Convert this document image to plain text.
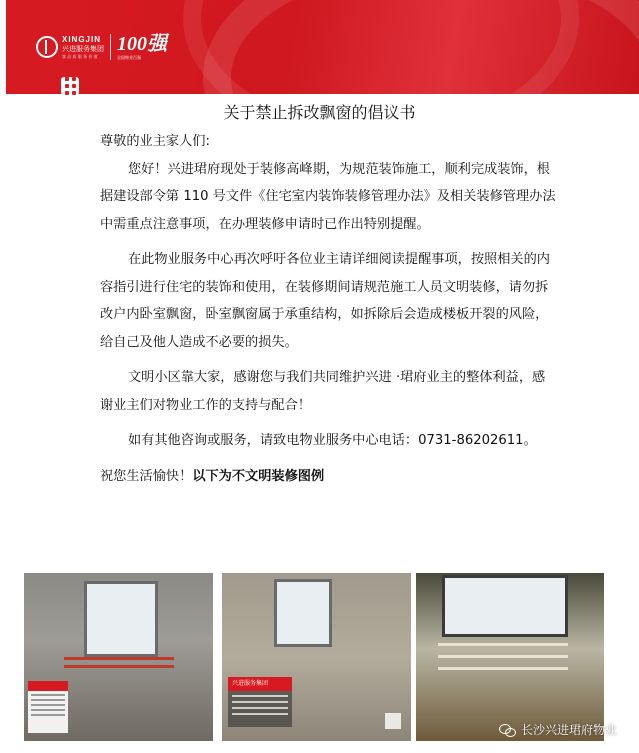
XINGJIN
兴进服务集团
客 品 质 服 务 价 值
100强
全国物业百强
关于禁止拆改飘窗的倡议书

尊敬的业主家人们:

您好！兴进珺府现处于装修高峰期，为规范装饰施工，顺利完成装饰，根据建设部令第 110 号文件《住宅室内装饰装修管理办法》及相关装修管理办法中需重点注意事项，在办理装修申请时已作出特别提醒。

在此物业服务中心再次呼吁各位业主请详细阅读提醒事项，按照相关的内容指引进行住宅的装饰和使用，在装修期间请规范施工人员文明装修，请勿拆改户内卧室飘窗，卧室飘窗属于承重结构，如拆除后会造成楼板开裂的风险，给自己及他人造成不必要的损失。

文明小区靠大家，感谢您与我们共同维护兴进 ·珺府业主的整体利益，感谢业主们对物业工作的支持与配合！

如有其他咨询或服务，请致电物业服务中心电话：0731-86202611。

祝您生活愉快！以下为不文明装修图例

兴进服务集团
长沙兴进珺府物业
